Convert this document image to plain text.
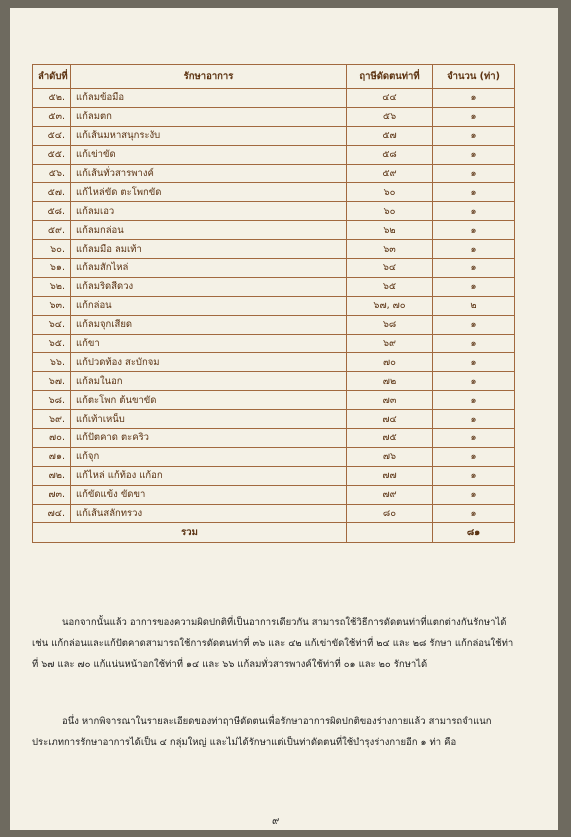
ลำดับที่	รักษาอาการ	ฤาษีดัดตนท่าที่	จำนวน (ท่า)
๕๒.	แก้ลมข้อมือ	๔๔	๑
๕๓.	แก้ลมตก	๕๖	๑
๕๔.	แก้เส้นมหาสนุกระงับ	๕๗	๑
๕๕.	แก้เข่าขัด	๕๘	๑
๕๖.	แก้เส้นทั่วสารพางค์	๕๙	๑
๕๗.	แก้ไหล่ขัด ตะโพกขัด	๖๐	๑
๕๘.	แก้ลมเอว	๖๐	๑
๕๙.	แก้ลมกล่อน	๖๒	๑
๖๐.	แก้ลมมือ ลมเท้า	๖๓	๑
๖๑.	แก้ลมสักไหล่	๖๔	๑
๖๒.	แก้ลมริดสีดวง	๖๕	๑
๖๓.	แก้กล่อน	๖๗, ๗๐	๒
๖๔.	แก้ลมจุกเสียด	๖๘	๑
๖๕.	แก้ขา	๖๙	๑
๖๖.	แก้ปวดท้อง สะบักจม	๗๐	๑
๖๗.	แก้ลมในอก	๗๒	๑
๖๘.	แก้ตะโพก ต้นขาขัด	๗๓	๑
๖๙.	แก้เท้าเหน็บ	๗๔	๑
๗๐.	แก้ปัตคาด ตะคริว	๗๕	๑
๗๑.	แก้จุก	๗๖	๑
๗๒.	แก้ไหล่ แก้ท้อง แก้อก	๗๗	๑
๗๓.	แก้ขัดแข้ง ขัดขา	๗๙	๑
๗๔.	แก้เส้นสลักทรวง	๘๐	๑
รวม			๘๑

นอกจากนั้นแล้ว อาการของความผิดปกติที่เป็นอาการเดียวกัน สามารถใช้วิธีการดัดตนท่าที่แตกต่างกันรักษาได้ เช่น แก้กล่อนและแก้ปัตคาดสามารถใช้การดัดตนท่าที่ ๓๖ และ ๔๒ แก้เข่าขัดใช้ท่าที่ ๒๔ และ ๒๘ รักษา แก้กล่อนใช้ท่าที่ ๖๗ และ ๗๐ แก้แน่นหน้าอกใช้ท่าที่ ๑๔ และ ๖๖ แก้ลมทั่วสารพางค์ใช้ท่าที่ ๐๑ และ ๒๐ รักษาได้

อนึ่ง หากพิจารณาในรายละเอียดของท่าฤาษีดัดตนเพื่อรักษาอาการผิดปกติของร่างกายแล้ว สามารถจำแนกประเภทการรักษาอาการได้เป็น ๔ กลุ่มใหญ่ และไม่ได้รักษาแต่เป็นท่าดัดตนที่ใช้บำรุงร่างกายอีก ๑ ท่า คือ

๙
